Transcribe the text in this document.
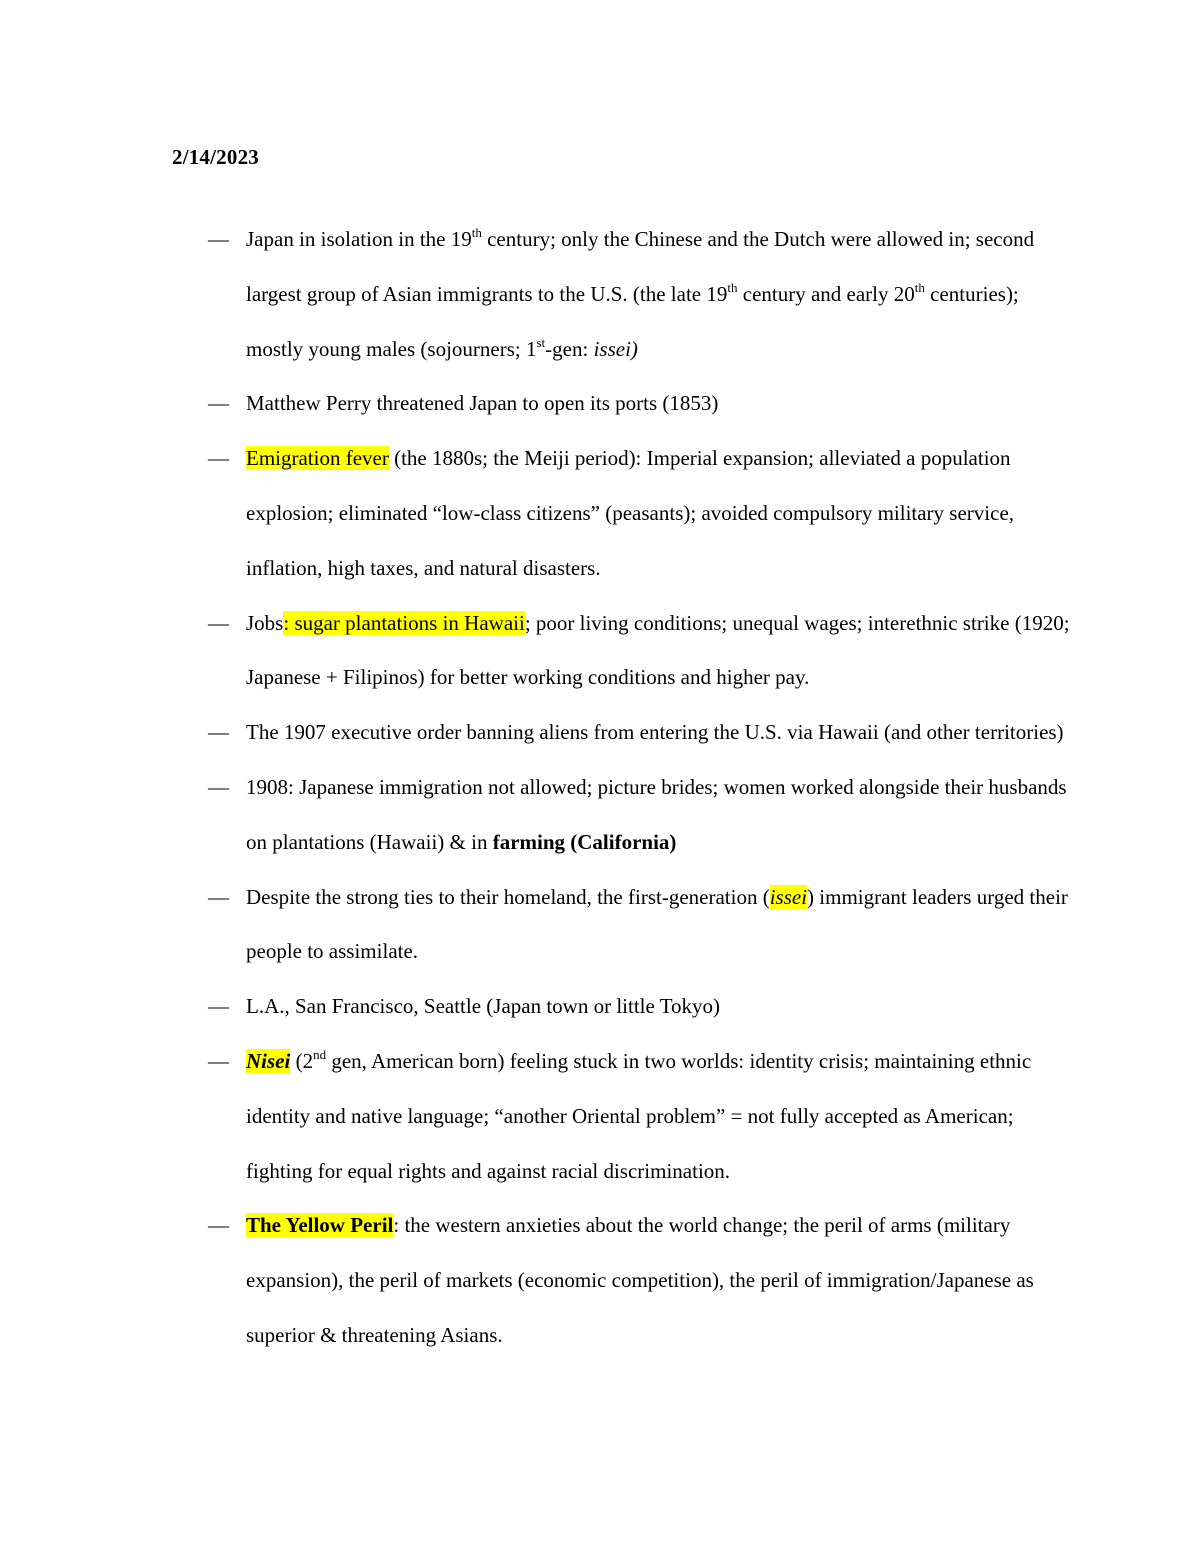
2/14/2023
— Japan in isolation in the 19th century; only the Chinese and the Dutch were allowed in; second largest group of Asian immigrants to the U.S. (the late 19th century and early 20th centuries); mostly young males (sojourners; 1st-gen: issei)
— Matthew Perry threatened Japan to open its ports (1853)
— Emigration fever (the 1880s; the Meiji period): Imperial expansion; alleviated a population explosion; eliminated “low-class citizens” (peasants); avoided compulsory military service, inflation, high taxes, and natural disasters.
— Jobs: sugar plantations in Hawaii; poor living conditions; unequal wages; interethnic strike (1920; Japanese + Filipinos) for better working conditions and higher pay.
— The 1907 executive order banning aliens from entering the U.S. via Hawaii (and other territories)
— 1908: Japanese immigration not allowed; picture brides; women worked alongside their husbands on plantations (Hawaii) & in farming (California)
— Despite the strong ties to their homeland, the first-generation (issei) immigrant leaders urged their people to assimilate.
— L.A., San Francisco, Seattle (Japan town or little Tokyo)
— Nisei (2nd gen, American born) feeling stuck in two worlds: identity crisis; maintaining ethnic identity and native language; “another Oriental problem” = not fully accepted as American; fighting for equal rights and against racial discrimination.
— The Yellow Peril: the western anxieties about the world change; the peril of arms (military expansion), the peril of markets (economic competition), the peril of immigration/Japanese as superior & threatening Asians.
